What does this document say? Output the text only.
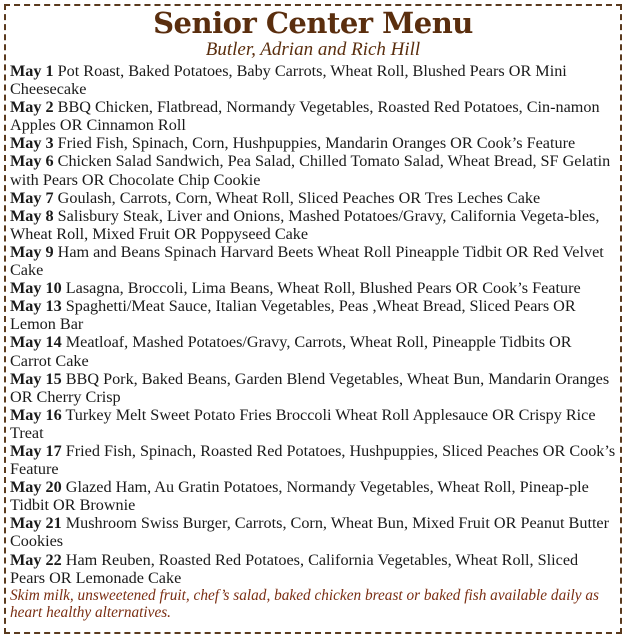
Senior Center Menu
Butler, Adrian and Rich Hill
May 1 Pot Roast, Baked Potatoes, Baby Carrots, Wheat Roll, Blushed Pears OR Mini Cheesecake
May 2 BBQ Chicken, Flatbread, Normandy Vegetables, Roasted Red Potatoes, Cin-namon Apples OR Cinnamon Roll
May 3 Fried Fish, Spinach, Corn, Hushpuppies, Mandarin Oranges OR Cook’s Feature
May 6 Chicken Salad Sandwich, Pea Salad, Chilled Tomato Salad, Wheat Bread, SF Gelatin with Pears OR Chocolate Chip Cookie
May 7 Goulash, Carrots, Corn, Wheat Roll, Sliced Peaches OR Tres Leches Cake
May 8 Salisbury Steak, Liver and Onions, Mashed Potatoes/Gravy, California Vegeta-bles, Wheat Roll, Mixed Fruit OR Poppyseed Cake
May 9 Ham and Beans Spinach Harvard Beets Wheat Roll Pineapple Tidbit OR Red Velvet Cake
May 10 Lasagna, Broccoli, Lima Beans, Wheat Roll, Blushed Pears OR Cook’s Feature
May 13 Spaghetti/Meat Sauce, Italian Vegetables, Peas ,Wheat Bread, Sliced Pears OR Lemon Bar
May 14 Meatloaf, Mashed Potatoes/Gravy, Carrots, Wheat Roll, Pineapple Tidbits OR Carrot Cake
May 15 BBQ Pork, Baked Beans, Garden Blend Vegetables, Wheat Bun, Mandarin Oranges OR Cherry Crisp
May 16 Turkey Melt Sweet Potato Fries Broccoli Wheat Roll Applesauce OR Crispy Rice Treat
May 17 Fried Fish, Spinach, Roasted Red Potatoes, Hushpuppies, Sliced Peaches OR Cook’s Feature
May 20 Glazed Ham, Au Gratin Potatoes, Normandy Vegetables, Wheat Roll, Pineap-ple Tidbit OR Brownie
May 21 Mushroom Swiss Burger, Carrots, Corn, Wheat Bun, Mixed Fruit OR Peanut Butter Cookies
May 22 Ham Reuben, Roasted Red Potatoes, California Vegetables, Wheat Roll, Sliced Pears OR Lemonade Cake
Skim milk, unsweetened fruit, chef’s salad, baked chicken breast or baked fish available daily as heart healthy alternatives.
